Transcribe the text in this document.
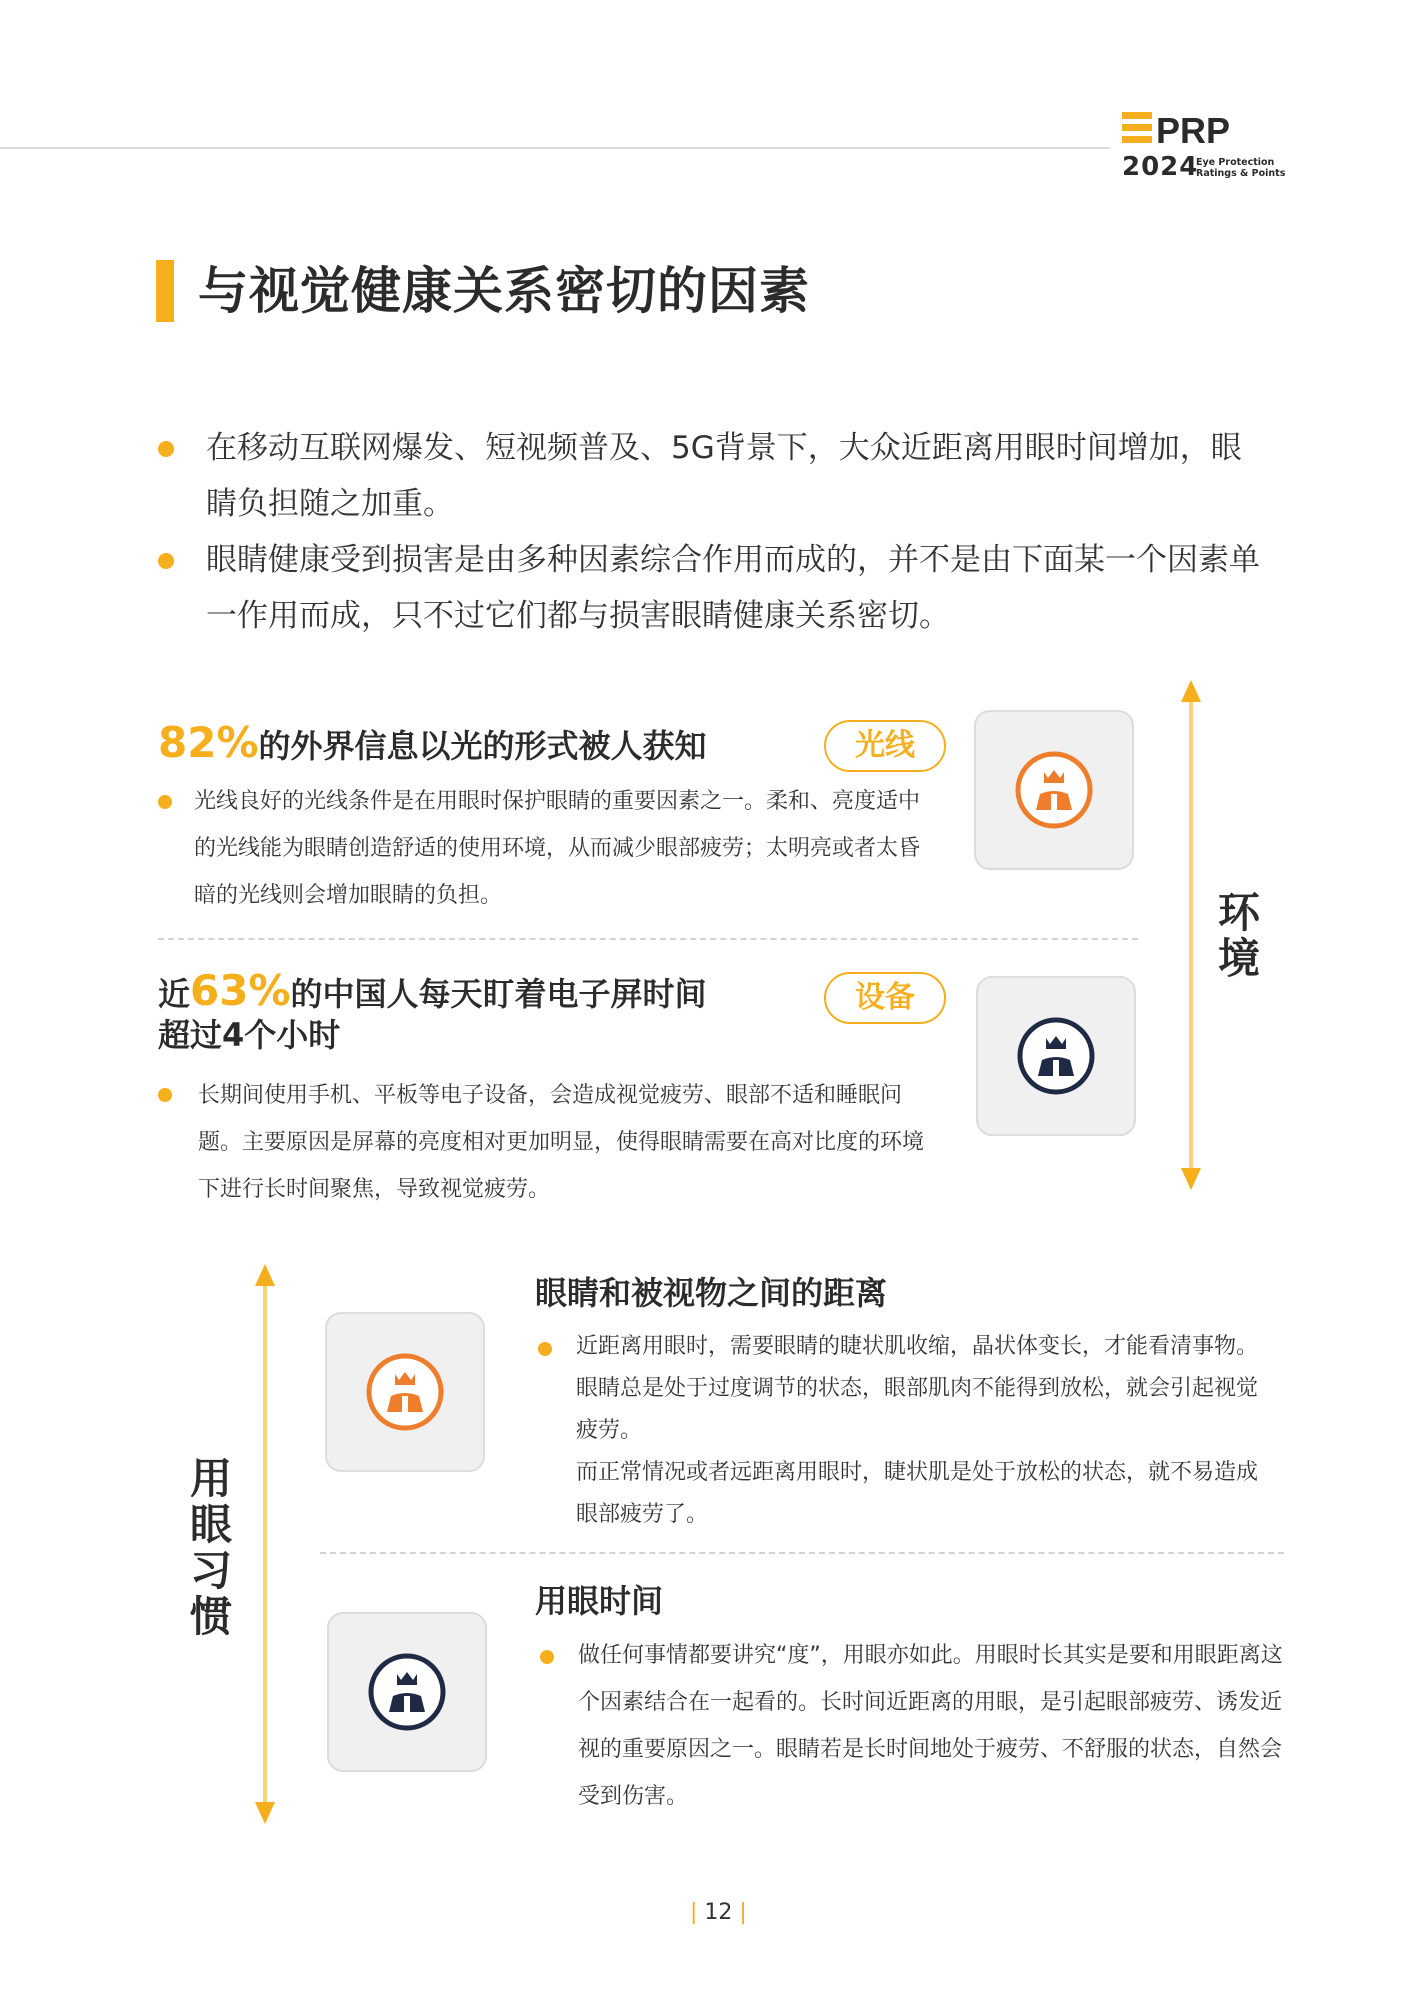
PRP
2024
Eye Protection
Ratings & Points
与视觉健康关系密切的因素
在移动互联网爆发、短视频普及、5G背景下，大众近距离用眼时间增加，眼睛负担随之加重。
眼睛健康受到损害是由多种因素综合作用而成的，并不是由下面某一个因素单一作用而成，只不过它们都与损害眼睛健康关系密切。
82%的外界信息以光的形式被人获知	光线
光线良好的光线条件是在用眼时保护眼睛的重要因素之一。柔和、亮度适中的光线能为眼睛创造舒适的使用环境，从而减少眼部疲劳；太明亮或者太昏暗的光线则会增加眼睛的负担。
近63%的中国人每天盯着电子屏时间
超过4个小时
设备
长期间使用手机、平板等电子设备，会造成视觉疲劳、眼部不适和睡眠问题。主要原因是屏幕的亮度相对更加明显，使得眼睛需要在高对比度的环境下进行长时间聚焦，导致视觉疲劳。
环境
用眼习惯
眼睛和被视物之间的距离
近距离用眼时，需要眼睛的睫状肌收缩，晶状体变长，才能看清事物。眼睛总是处于过度调节的状态，眼部肌肉不能得到放松，就会引起视觉疲劳。
而正常情况或者远距离用眼时，睫状肌是处于放松的状态，就不易造成眼部疲劳了。
用眼时间
做任何事情都要讲究“度”，用眼亦如此。用眼时长其实是要和用眼距离这个因素结合在一起看的。长时间近距离的用眼，是引起眼部疲劳、诱发近视的重要原因之一。眼睛若是长时间地处于疲劳、不舒服的状态，自然会受到伤害。
| 12 |
